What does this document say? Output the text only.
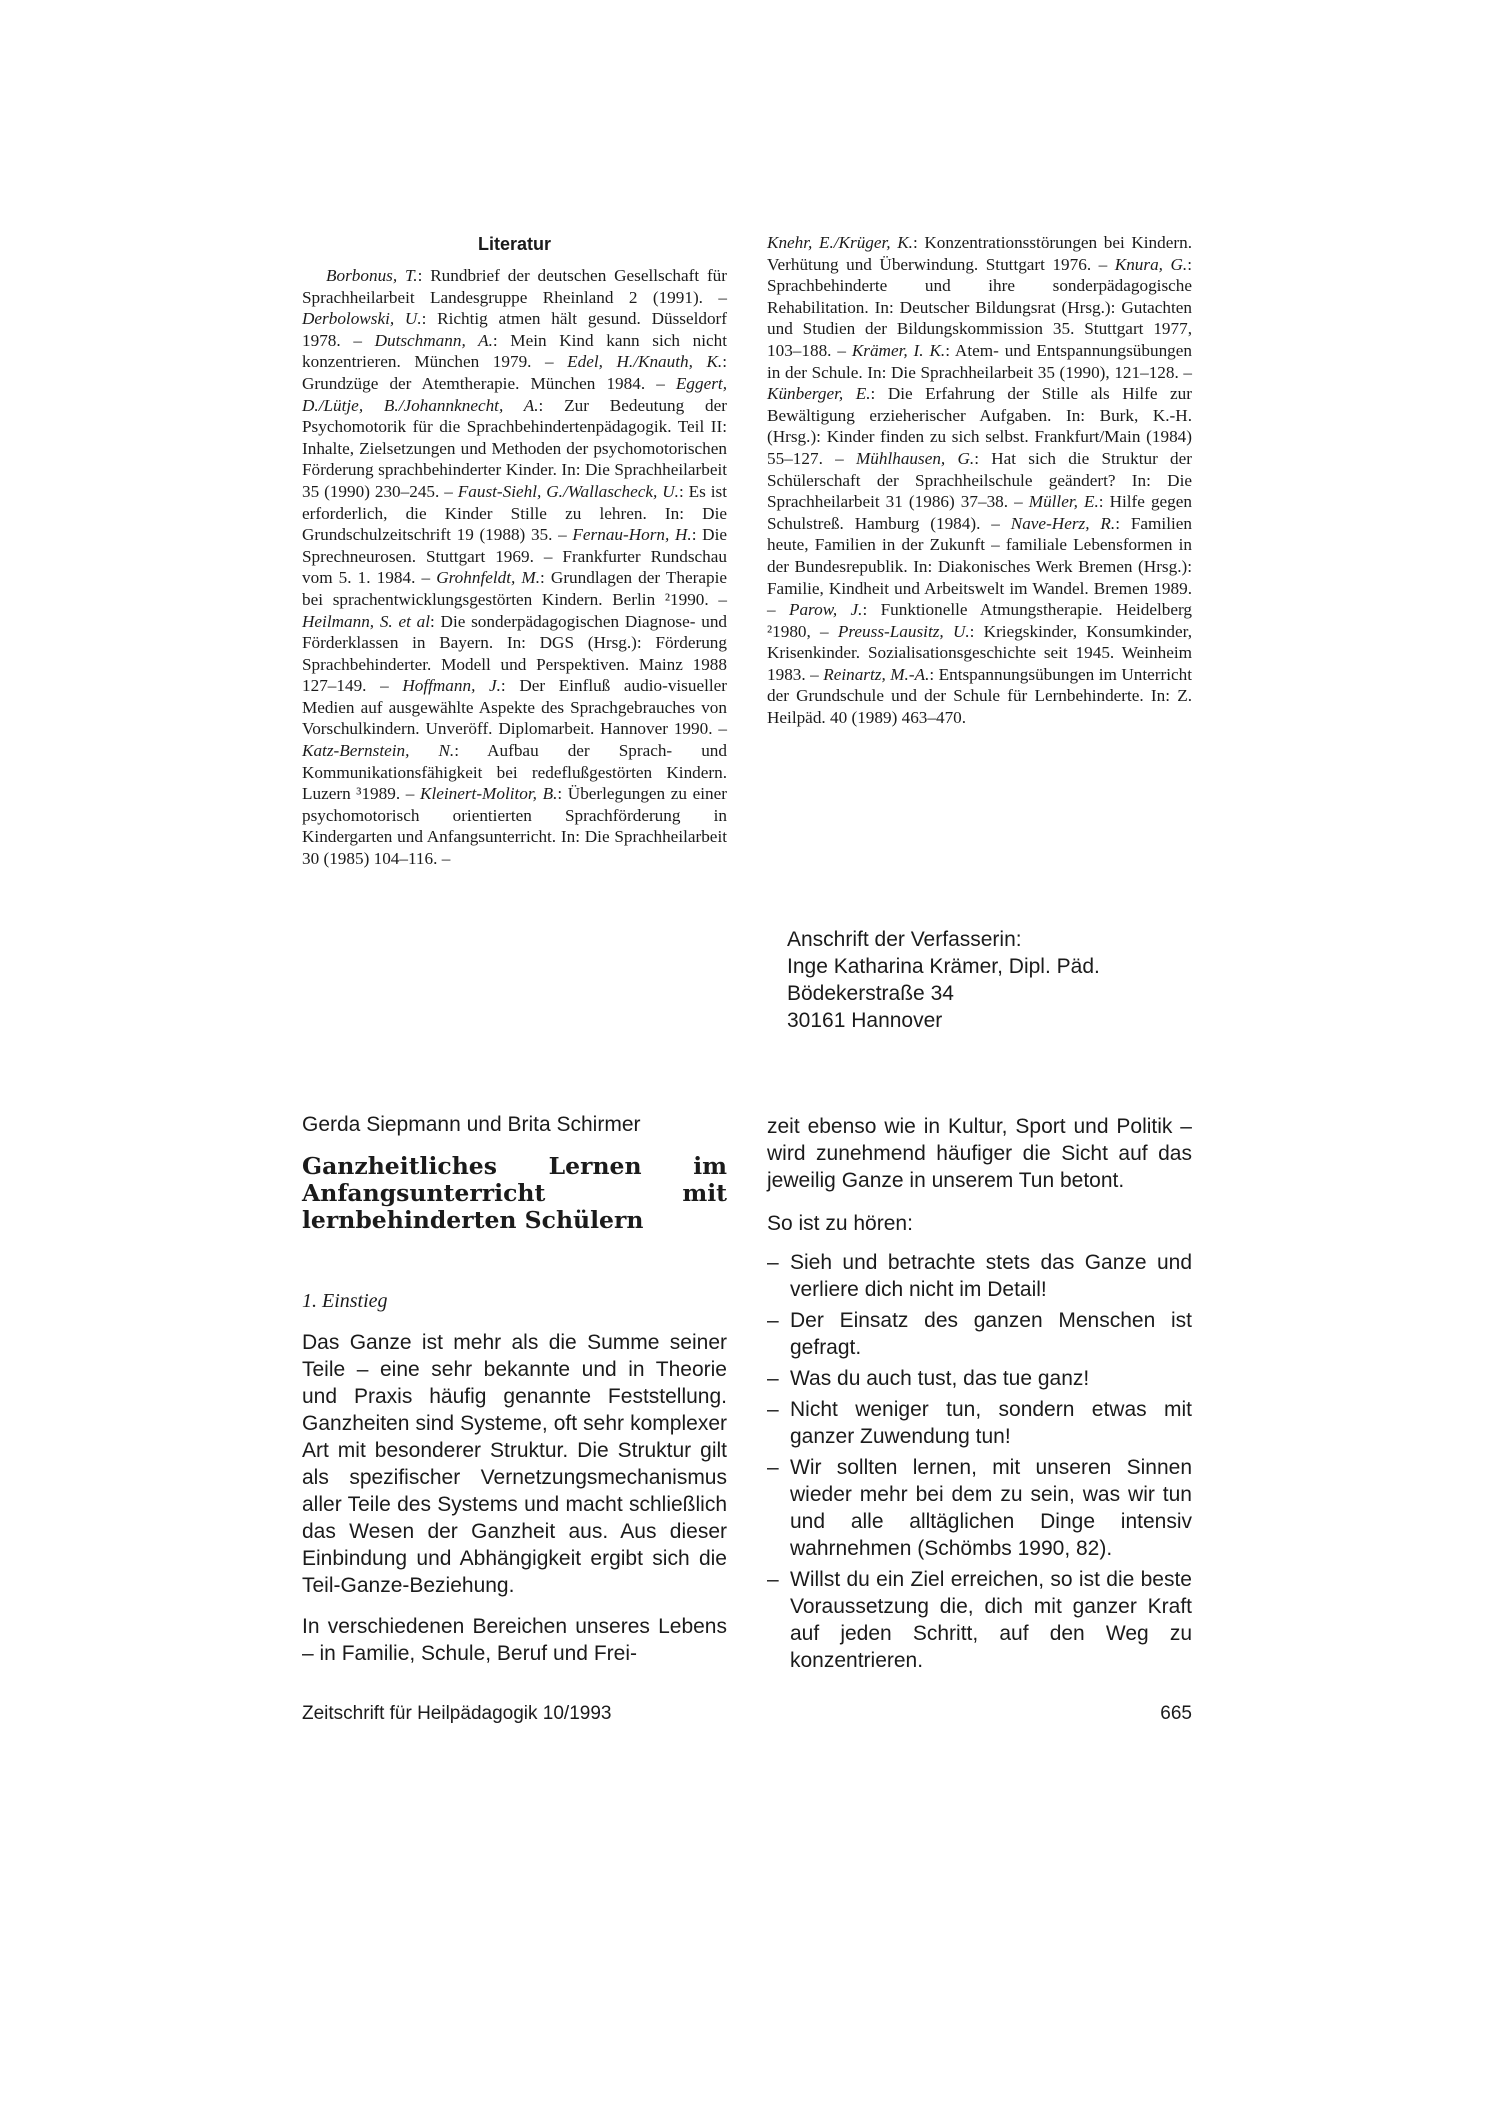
Literatur
Borbonus, T.: Rundbrief der deutschen Gesellschaft für Sprachheilarbeit Landesgruppe Rheinland 2 (1991). – Derbolowski, U.: Richtig atmen hält gesund. Düsseldorf 1978. – Dutschmann, A.: Mein Kind kann sich nicht konzentrieren. München 1979. – Edel, H./Knauth, K.: Grundzüge der Atemtherapie. München 1984. – Eggert, D./Lütje, B./Johannknecht, A.: Zur Bedeutung der Psychomotorik für die Sprachbehindertenpädagogik. Teil II: Inhalte, Zielsetzungen und Methoden der psychomotorischen Förderung sprachbehinderter Kinder. In: Die Sprachheilarbeit 35 (1990) 230–245. – Faust-Siehl, G./Wallascheck, U.: Es ist erforderlich, die Kinder Stille zu lehren. In: Die Grundschulzeitschrift 19 (1988) 35. – Fernau-Horn, H.: Die Sprechneurosen. Stuttgart 1969. – Frankfurter Rundschau vom 5. 1. 1984. – Grohnfeldt, M.: Grundlagen der Therapie bei sprachentwicklungsgestörten Kindern. Berlin ²1990. – Heilmann, S. et al: Die sonderpädagogischen Diagnose- und Förderklassen in Bayern. In: DGS (Hrsg.): Förderung Sprachbehinderter. Modell und Perspektiven. Mainz 1988 127–149. – Hoffmann, J.: Der Einfluß audio-visueller Medien auf ausgewählte Aspekte des Sprachgebrauches von Vorschulkindern. Unveröff. Diplomarbeit. Hannover 1990. – Katz-Bernstein, N.: Aufbau der Sprach- und Kommunikationsfähigkeit bei redeflußgestörten Kindern. Luzern ³1989. – Kleinert-Molitor, B.: Überlegungen zu einer psychomotorisch orientierten Sprachförderung in Kindergarten und Anfangsunterricht. In: Die Sprachheilarbeit 30 (1985) 104–116. –
Knehr, E./Krüger, K.: Konzentrationsstörungen bei Kindern. Verhütung und Überwindung. Stuttgart 1976. – Knura, G.: Sprachbehinderte und ihre sonderpädagogische Rehabilitation. In: Deutscher Bildungsrat (Hrsg.): Gutachten und Studien der Bildungskommission 35. Stuttgart 1977, 103–188. – Krämer, I. K.: Atem- und Entspannungsübungen in der Schule. In: Die Sprachheilarbeit 35 (1990), 121–128. – Künberger, E.: Die Erfahrung der Stille als Hilfe zur Bewältigung erzieherischer Aufgaben. In: Burk, K.-H. (Hrsg.): Kinder finden zu sich selbst. Frankfurt/Main (1984) 55–127. – Mühlhausen, G.: Hat sich die Struktur der Schülerschaft der Sprachheilschule geändert? In: Die Sprachheilarbeit 31 (1986) 37–38. – Müller, E.: Hilfe gegen Schulstreß. Hamburg (1984). – Nave-Herz, R.: Familien heute, Familien in der Zukunft – familiale Lebensformen in der Bundesrepublik. In: Diakonisches Werk Bremen (Hrsg.): Familie, Kindheit und Arbeitswelt im Wandel. Bremen 1989. – Parow, J.: Funktionelle Atmungstherapie. Heidelberg ²1980, – Preuss-Lausitz, U.: Kriegskinder, Konsumkinder, Krisenkinder. Sozialisationsgeschichte seit 1945. Weinheim 1983. – Reinartz, M.-A.: Entspannungsübungen im Unterricht der Grundschule und der Schule für Lernbehinderte. In: Z. Heilpäd. 40 (1989) 463–470.
Anschrift der Verfasserin:
Inge Katharina Krämer, Dipl. Päd.
Bödekerstraße 34
30161 Hannover
Gerda Siepmann und Brita Schirmer
Ganzheitliches Lernen im Anfangsunterricht mit lernbehinderten Schülern
1. Einstieg

Das Ganze ist mehr als die Summe seiner Teile – eine sehr bekannte und in Theorie und Praxis häufig genannte Feststellung. Ganzheiten sind Systeme, oft sehr komplexer Art mit besonderer Struktur. Die Struktur gilt als spezifischer Vernetzungsmechanismus aller Teile des Systems und macht schließlich das Wesen der Ganzheit aus. Aus dieser Einbindung und Abhängigkeit ergibt sich die Teil-Ganze-Beziehung.

In verschiedenen Bereichen unseres Lebens – in Familie, Schule, Beruf und Frei-

zeit ebenso wie in Kultur, Sport und Politik – wird zunehmend häufiger die Sicht auf das jeweilig Ganze in unserem Tun betont.

So ist zu hören:

– Sieh und betrachte stets das Ganze und verliere dich nicht im Detail!
– Der Einsatz des ganzen Menschen ist gefragt.
– Was du auch tust, das tue ganz!
– Nicht weniger tun, sondern etwas mit ganzer Zuwendung tun!
– Wir sollten lernen, mit unseren Sinnen wieder mehr bei dem zu sein, was wir tun und alle alltäglichen Dinge intensiv wahrnehmen (Schömbs 1990, 82).
– Willst du ein Ziel erreichen, so ist die beste Voraussetzung die, dich mit ganzer Kraft auf jeden Schritt, auf den Weg zu konzentrieren.
Zeitschrift für Heilpädagogik 10/1993	665
